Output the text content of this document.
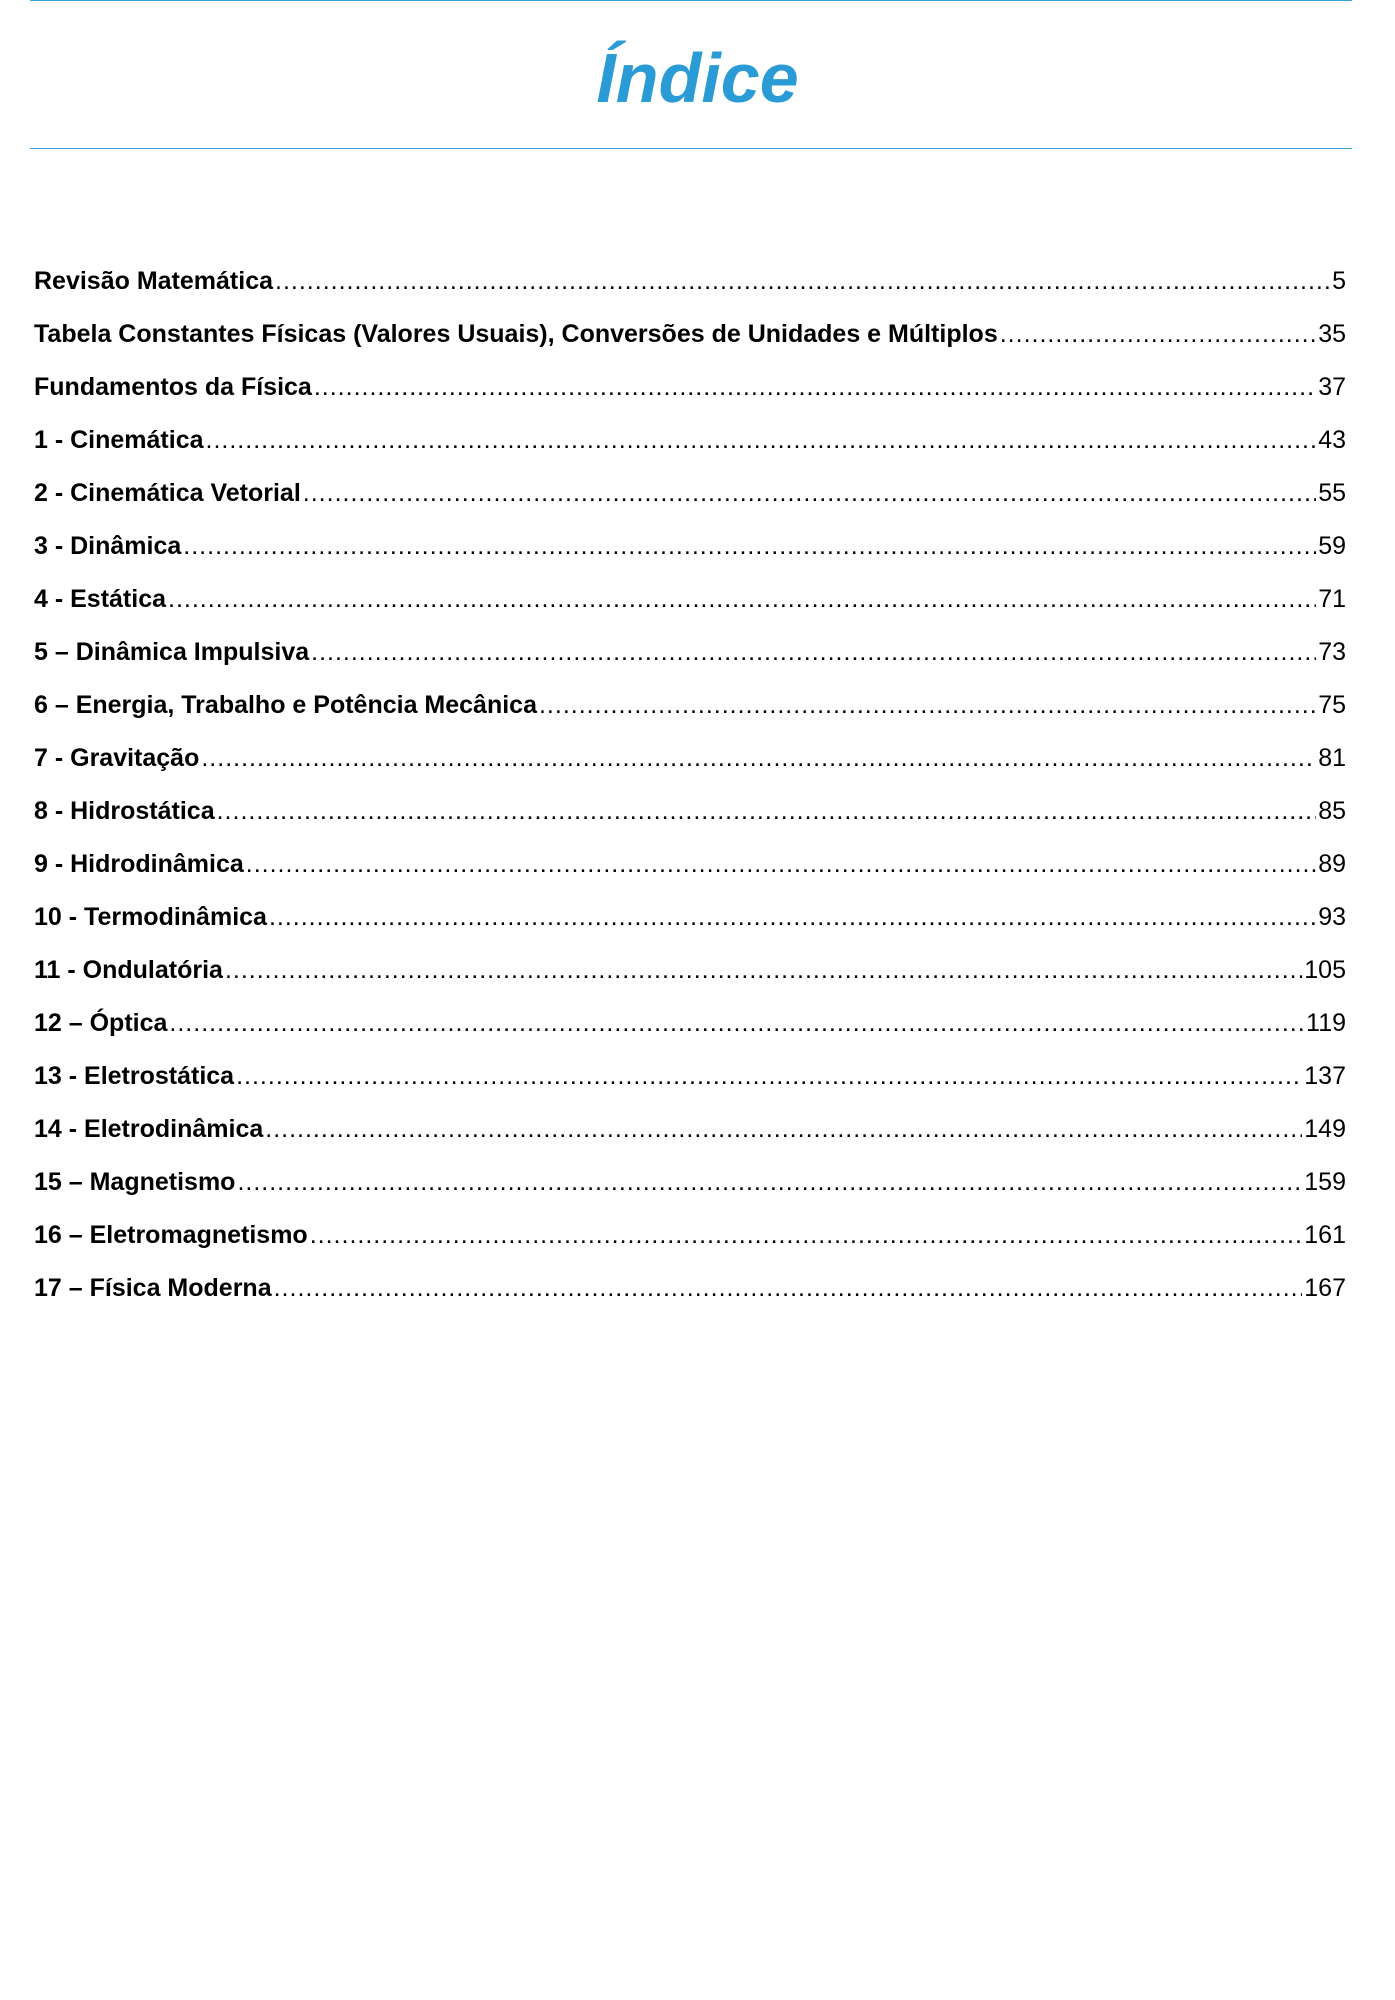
Índice
Revisão Matemática .....	5
Tabela Constantes Físicas (Valores Usuais), Conversões de Unidades e Múltiplos .....	35
Fundamentos da Física .....	37
1 - Cinemática .....	43
2 - Cinemática Vetorial .....	55
3 - Dinâmica .....	59
4 - Estática .....	71
5 – Dinâmica Impulsiva .....	73
6 – Energia, Trabalho e Potência Mecânica .....	75
7 - Gravitação .....	81
8 - Hidrostática .....	85
9 - Hidrodinâmica .....	89
10 - Termodinâmica .....	93
11 - Ondulatória .....	105
12 – Óptica .....	119
13 - Eletrostática .....	137
14 - Eletrodinâmica .....	149
15 – Magnetismo .....	159
16 – Eletromagnetismo .....	161
17 – Física Moderna .....	167
